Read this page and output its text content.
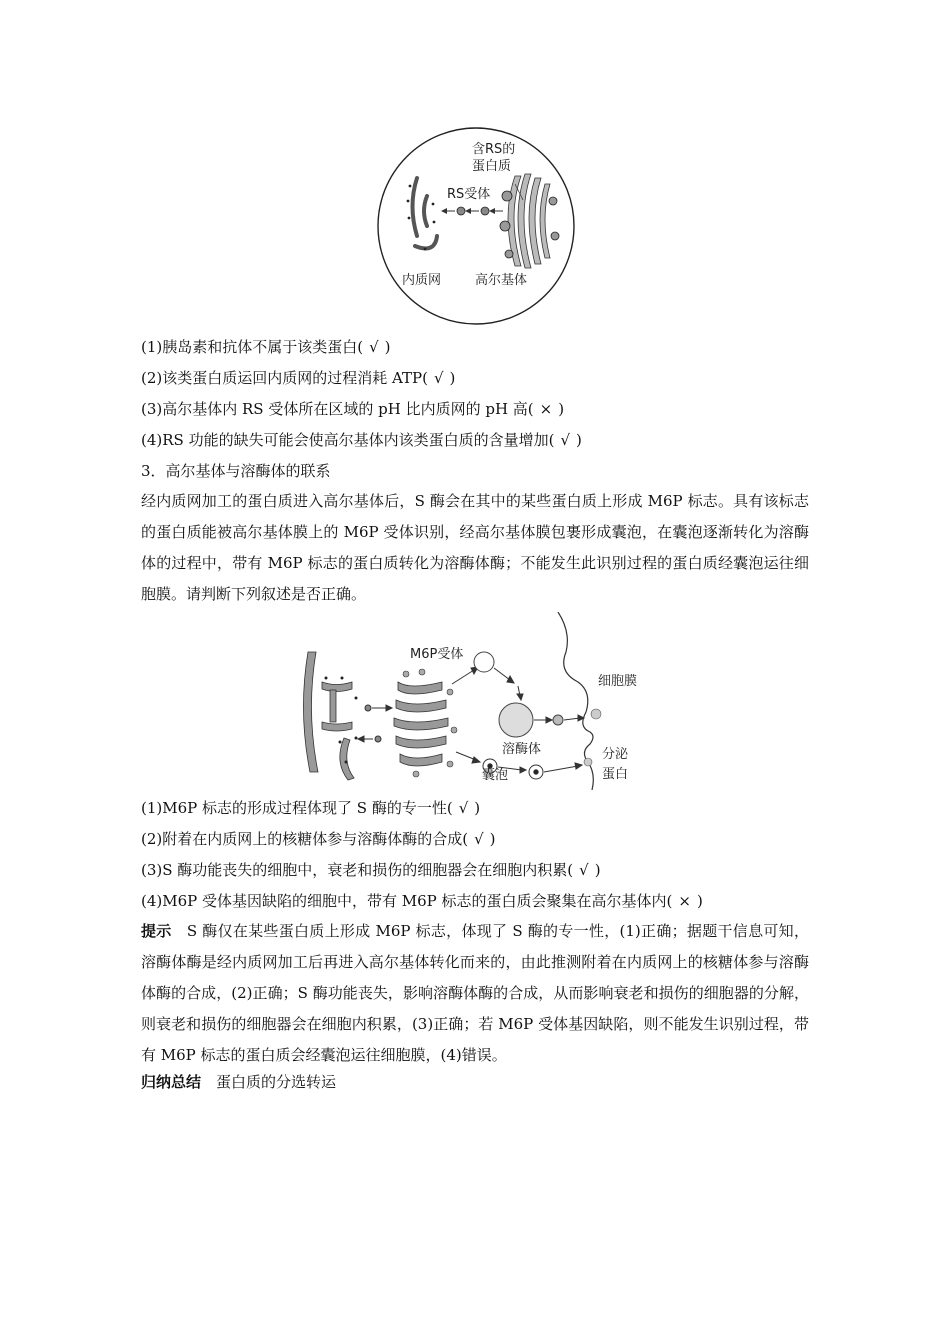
含RS的
蛋白质
RS受体
内质网	高尔基体
(1)胰岛素和抗体不属于该类蛋白( √ )
(2)该类蛋白质运回内质网的过程消耗 ATP( √ )
(3)高尔基体内 RS 受体所在区域的 pH 比内质网的 pH 高( × )
(4)RS 功能的缺失可能会使高尔基体内该类蛋白质的含量增加( √ )
3．高尔基体与溶酶体的联系
经内质网加工的蛋白质进入高尔基体后，S 酶会在其中的某些蛋白质上形成 M6P 标志。具有该标志的蛋白质能被高尔基体膜上的 M6P 受体识别，经高尔基体膜包裹形成囊泡，在囊泡逐渐转化为溶酶体的过程中，带有 M6P 标志的蛋白质转化为溶酶体酶；不能发生此识别过程的蛋白质经囊泡运往细胞膜。请判断下列叙述是否正确。
M6P受体
细胞膜
溶酶体
囊泡
分泌
蛋白
(1)M6P 标志的形成过程体现了 S 酶的专一性( √ )
(2)附着在内质网上的核糖体参与溶酶体酶的合成( √ )
(3)S 酶功能丧失的细胞中，衰老和损伤的细胞器会在细胞内积累( √ )
(4)M6P 受体基因缺陷的细胞中，带有 M6P 标志的蛋白质会聚集在高尔基体内( × )
提示　 S 酶仅在某些蛋白质上形成 M6P 标志，体现了 S 酶的专一性，(1)正确；据题干信息可知，溶酶体酶是经内质网加工后再进入高尔基体转化而来的，由此推测附着在内质网上的核糖体参与溶酶体酶的合成，(2)正确；S 酶功能丧失，影响溶酶体酶的合成，从而影响衰老和损伤的细胞器的分解，则衰老和损伤的细胞器会在细胞内积累，(3)正确；若 M6P 受体基因缺陷，则不能发生识别过程，带有 M6P 标志的蛋白质会经囊泡运往细胞膜，(4)错误。
归纳总结　 蛋白质的分选转运
